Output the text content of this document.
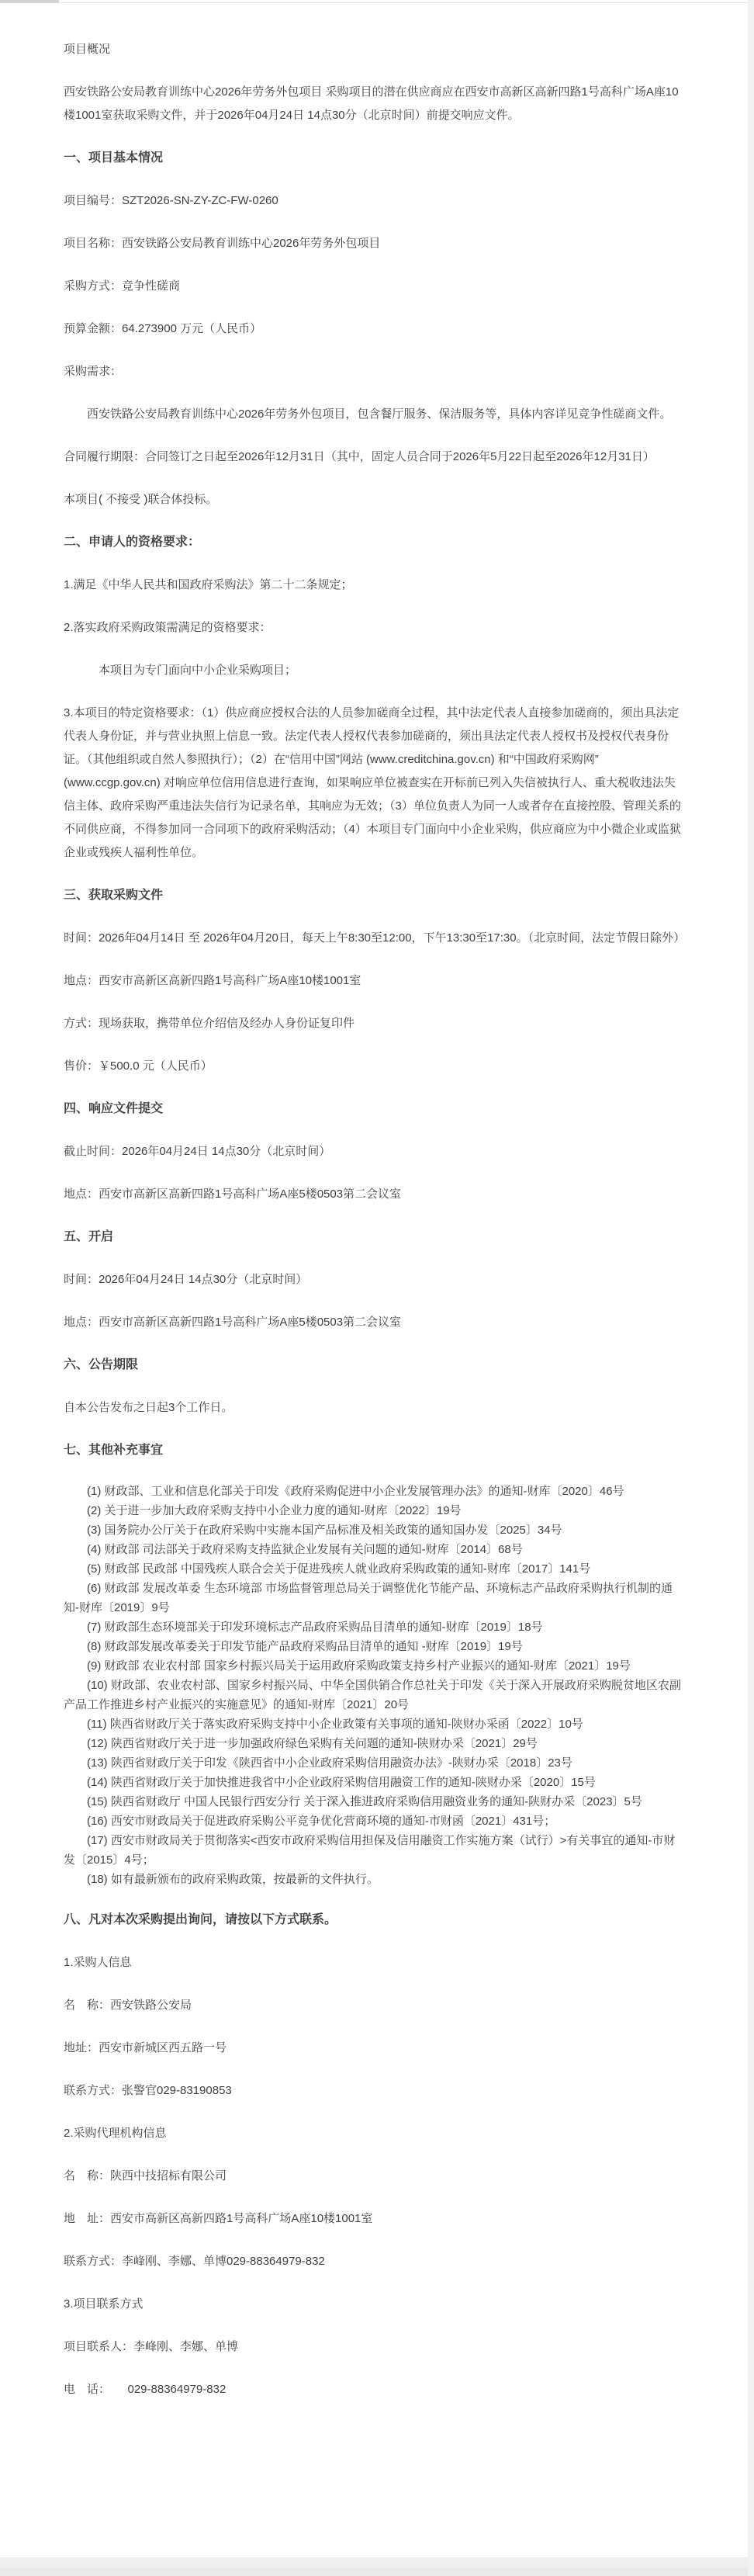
项目概况

西安铁路公安局教育训练中心2026年劳务外包项目 采购项目的潜在供应商应在西安市高新区高新四路1号高科广场A座10楼1001室获取采购文件，并于2026年04月24日 14点30分（北京时间）前提交响应文件。

一、项目基本情况

项目编号：SZT2026-SN-ZY-ZC-FW-0260

项目名称：西安铁路公安局教育训练中心2026年劳务外包项目

采购方式：竞争性磋商

预算金额：64.273900 万元（人民币）

采购需求：

西安铁路公安局教育训练中心2026年劳务外包项目，包含餐厅服务、保洁服务等，具体内容详见竞争性磋商文件。

合同履行期限：合同签订之日起至2026年12月31日（其中，固定人员合同于2026年5月22日起至2026年12月31日）

本项目( 不接受 )联合体投标。

二、申请人的资格要求：

1.满足《中华人民共和国政府采购法》第二十二条规定；

2.落实政府采购政策需满足的资格要求：

本项目为专门面向中小企业采购项目；

3.本项目的特定资格要求：（1）供应商应授权合法的人员参加磋商全过程，其中法定代表人直接参加磋商的，须出具法定代表人身份证，并与营业执照上信息一致。法定代表人授权代表参加磋商的，须出具法定代表人授权书及授权代表身份证。（其他组织或自然人参照执行）；（2）在“信用中国”网站 (www.creditchina.gov.cn) 和“中国政府采购网” (www.ccgp.gov.cn) 对响应单位信用信息进行查询，如果响应单位被查实在开标前已列入失信被执行人、重大税收违法失信主体、政府采购严重违法失信行为记录名单，其响应为无效；（3）单位负责人为同一人或者存在直接控股、管理关系的不同供应商，不得参加同一合同项下的政府采购活动；（4）本项目专门面向中小企业采购，供应商应为中小微企业或监狱企业或残疾人福利性单位。

三、获取采购文件

时间：2026年04月14日 至 2026年04月20日，每天上午8:30至12:00，下午13:30至17:30。（北京时间，法定节假日除外）

地点：西安市高新区高新四路1号高科广场A座10楼1001室

方式：现场获取，携带单位介绍信及经办人身份证复印件

售价：￥500.0 元（人民币）

四、响应文件提交

截止时间：2026年04月24日 14点30分（北京时间）

地点：西安市高新区高新四路1号高科广场A座5楼0503第二会议室

五、开启

时间：2026年04月24日 14点30分（北京时间）

地点：西安市高新区高新四路1号高科广场A座5楼0503第二会议室

六、公告期限

自本公告发布之日起3个工作日。

七、其他补充事宜

(1) 财政部、工业和信息化部关于印发《政府采购促进中小企业发展管理办法》的通知-财库〔2020〕46号
(2) 关于进一步加大政府采购支持中小企业力度的通知-财库〔2022〕19号
(3) 国务院办公厅关于在政府采购中实施本国产品标准及相关政策的通知国办发〔2025〕34号
(4) 财政部 司法部关于政府采购支持监狱企业发展有关问题的通知-财库〔2014〕68号
(5) 财政部 民政部 中国残疾人联合会关于促进残疾人就业政府采购政策的通知-财库〔2017〕141号
(6) 财政部 发展改革委 生态环境部 市场监督管理总局关于调整优化节能产品、环境标志产品政府采购执行机制的通知-财库〔2019〕9号
(7) 财政部生态环境部关于印发环境标志产品政府采购品目清单的通知-财库〔2019〕18号
(8) 财政部发展改革委关于印发节能产品政府采购品目清单的通知 -财库〔2019〕19号
(9) 财政部 农业农村部 国家乡村振兴局关于运用政府采购政策支持乡村产业振兴的通知-财库〔2021〕19号
(10) 财政部、农业农村部、国家乡村振兴局、中华全国供销合作总社关于印发《关于深入开展政府采购脱贫地区农副产品工作推进乡村产业振兴的实施意见》的通知-财库〔2021〕20号
(11) 陕西省财政厅关于落实政府采购支持中小企业政策有关事项的通知-陕财办采函〔2022〕10号
(12) 陕西省财政厅关于进一步加强政府绿色采购有关问题的通知-陕财办采〔2021〕29号
(13) 陕西省财政厅关于印发《陕西省中小企业政府采购信用融资办法》-陕财办采〔2018〕23号
(14) 陕西省财政厅关于加快推进我省中小企业政府采购信用融资工作的通知-陕财办采〔2020〕15号
(15) 陕西省财政厅 中国人民银行西安分行 关于深入推进政府采购信用融资业务的通知-陕财办采〔2023〕5号
(16) 西安市财政局关于促进政府采购公平竞争优化营商环境的通知-市财函〔2021〕431号；
(17) 西安市财政局关于贯彻落实<西安市政府采购信用担保及信用融资工作实施方案（试行）>有关事宜的通知-市财发〔2015〕4号；
(18) 如有最新颁布的政府采购政策，按最新的文件执行。

八、凡对本次采购提出询问，请按以下方式联系。

1.采购人信息

名　称：西安铁路公安局

地址：西安市新城区西五路一号

联系方式：张警官029-83190853

2.采购代理机构信息

名　称：陕西中技招标有限公司

地　址：西安市高新区高新四路1号高科广场A座10楼1001室

联系方式：李峰刚、李娜、单博029-88364979-832

3.项目联系方式

项目联系人：李峰刚、李娜、单博

电　话：　　029-88364979-832
